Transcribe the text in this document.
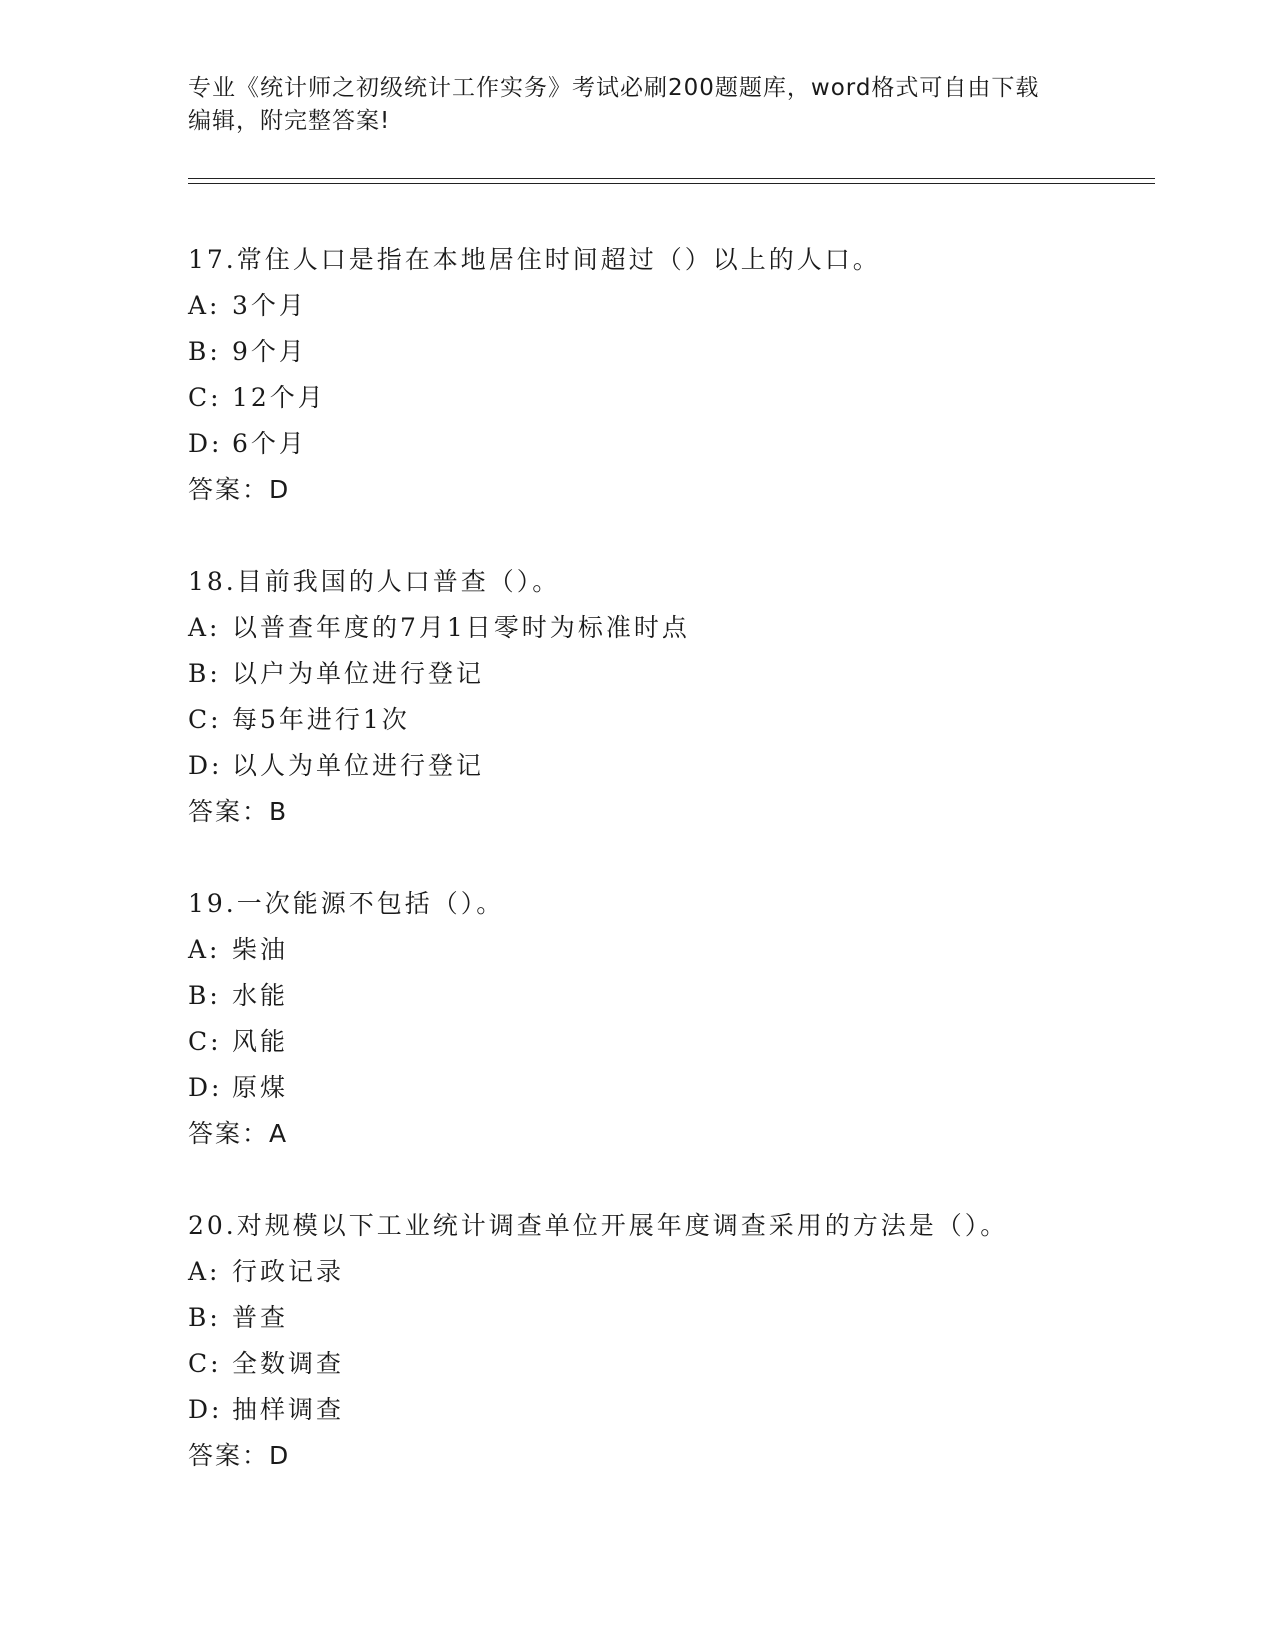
专业《统计师之初级统计工作实务》考试必刷200题题库，word格式可自由下载
编辑，附完整答案!
17.常住人口是指在本地居住时间超过（）以上的人口。
A: 3个月
B: 9个月
C: 12个月
D: 6个月
答案：D
18.目前我国的人口普查（）。
A: 以普查年度的7月1日零时为标准时点
B: 以户为单位进行登记
C: 每5年进行1次
D: 以人为单位进行登记
答案：B
19.一次能源不包括（）。
A: 柴油
B: 水能
C: 风能
D: 原煤
答案：A
20.对规模以下工业统计调查单位开展年度调查采用的方法是（）。
A: 行政记录
B: 普查
C: 全数调查
D: 抽样调查
答案：D
